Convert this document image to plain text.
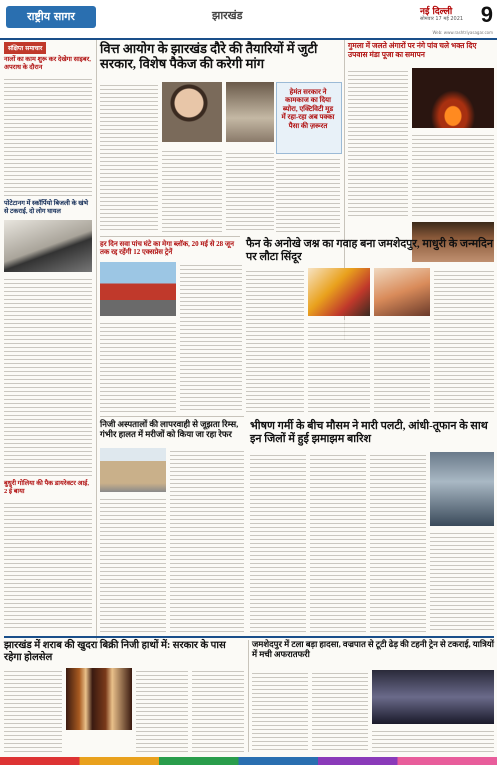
राष्ट्रीय सागर	झारखंड	नई दिल्ली
सोमवार 17 मई 2021 9
Web: www.rashtriyasagar.com
संक्षिप्त समाचार
नालों का काम शुरू कर देखेगा साइबर, अपराध के दौरान
पोटेटानग में स्कॉर्पियो बिजली के खंभे से टकराई, दो लोग घायल
बुधुरी गोलिया की पैक डायरेक्टर आई, 2 ई बाया
वित्त आयोग के झारखंड दौरे की तैयारियों में जुटी सरकार, विशेष पैकेज की करेगी मांग
हेमंत सरकार ने कामकाज का दिया ब्योरा, एक्टिविटी मूड में रहा-रहा अब पक्का पैसा की ज़रूरत
गुमला में जलते अंगारों पर नंगे पांव चले भक्त दिए उपवास मंडा पूजा का समापन
हर दिन सवा पांच घंटे का मेगा ब्लॉक, 20 मई से 28 जून तक रद्द रहेंगी 12 एक्सप्रेस ट्रेनें
फैन के अनोखे जश्न का गवाह बना जमशेदपुर, माधुरी के जन्मदिन पर लौटा सिंदूर
निजी अस्पतालों की लापरवाही से जूझता रिम्स, गंभीर हालत में मरीजों को किया जा रहा रेफर
भीषण गर्मी के बीच मौसम ने मारी पलटी, आंधी-तूफान के साथ इन जिलों में हुई झमाझम बारिश
झारखंड में शराब की खुदरा बिक्री निजी हाथों में: सरकार के पास रहेगा होलसेल
जमशेदपुर में टला बड़ा हादसा, वज्रपात से टूटी ढेड़ की टहनी ट्रेन से टकराई, यात्रियों में मची अफरातफरी
